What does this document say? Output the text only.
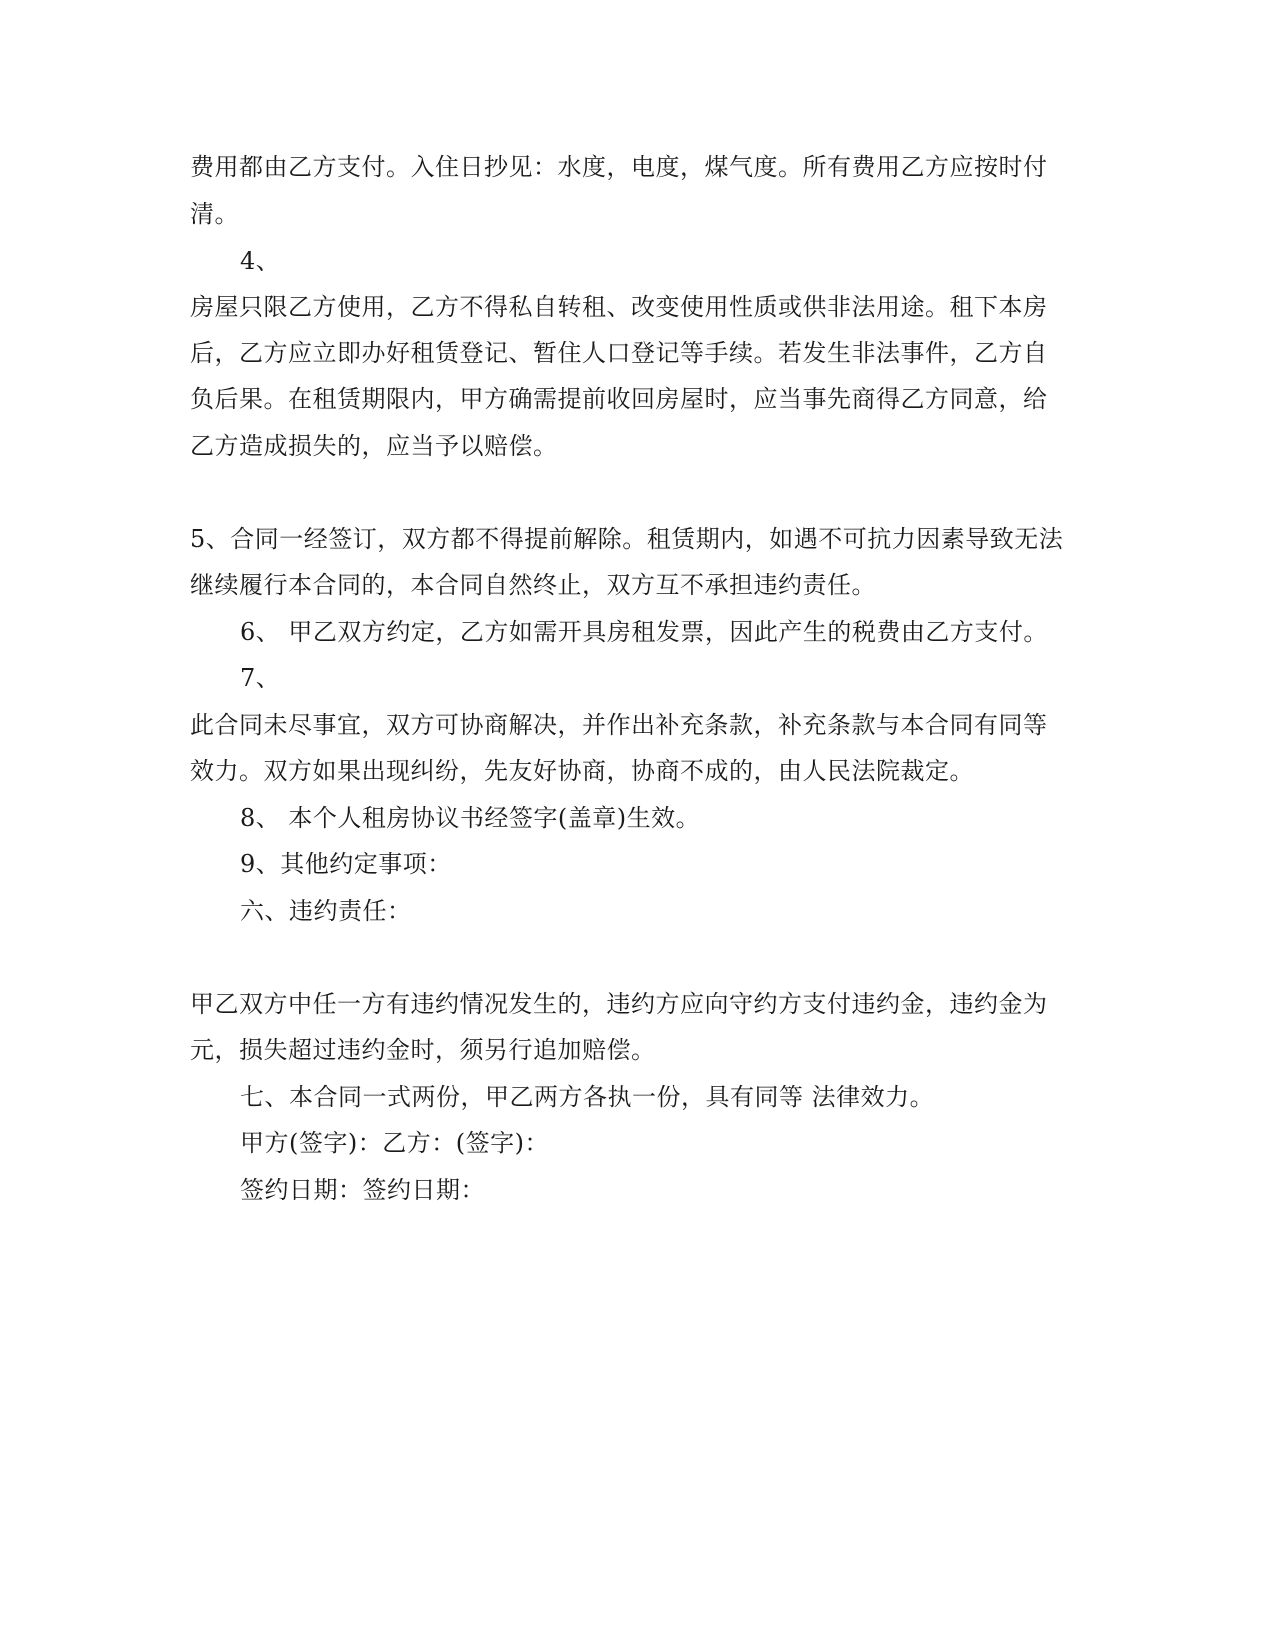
费用都由乙方支付。入住日抄见：水度，电度，煤气度。所有费用乙方应按时付
清。
4、
房屋只限乙方使用，乙方不得私自转租、改变使用性质或供非法用途。租下本房
后，乙方应立即办好租赁登记、暂住人口登记等手续。若发生非法事件，乙方自
负后果。在租赁期限内，甲方确需提前收回房屋时，应当事先商得乙方同意，给
乙方造成损失的，应当予以赔偿。
5、合同一经签订，双方都不得提前解除。租赁期内，如遇不可抗力因素导致无法
继续履行本合同的，本合同自然终止，双方互不承担违约责任。
6、 甲乙双方约定，乙方如需开具房租发票，因此产生的税费由乙方支付。
7、
此合同未尽事宜，双方可协商解决，并作出补充条款，补充条款与本合同有同等
效力。双方如果出现纠纷，先友好协商，协商不成的，由人民法院裁定。
8、 本个人租房协议书经签字(盖章)生效。
9、其他约定事项：
六、违约责任：
甲乙双方中任一方有违约情况发生的，违约方应向守约方支付违约金，违约金为
元，损失超过违约金时，须另行追加赔偿。
七、本合同一式两份，甲乙两方各执一份，具有同等 法律效力。
甲方(签字)：乙方：(签字)：
签约日期：签约日期：
